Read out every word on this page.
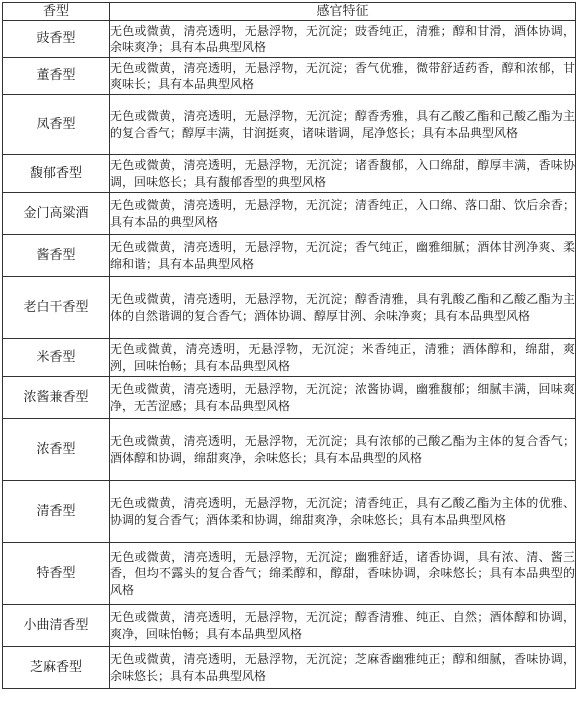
香型	感官特征
豉香型	无色或微黄，清亮透明，无悬浮物，无沉淀；豉香纯正，清雅；醇和甘滑，酒体协调，余味爽净；具有本品典型风格
董香型	无色或微黄，清亮透明，无悬浮物，无沉淀；香气优雅，微带舒适药香，醇和浓郁，甘爽味长；具有本品典型风格
凤香型	无色或微黄，清亮透明，无悬浮物，无沉淀；醇香秀雅，具有乙酸乙酯和己酸乙酯为主的复合香气；醇厚丰满，甘润挺爽，诸味谐调，尾净悠长；具有本品典型风格
馥郁香型	无色或微黄，清亮透明，无悬浮物，无沉淀；诸香馥郁，入口绵甜，醇厚丰满，香味协调，回味悠长；具有馥郁香型的典型风格
金门高粱酒	无色或微黄，清亮透明，无悬浮物，无沉淀；清香纯正，入口绵、落口甜、饮后余香；具有本品的典型风格
酱香型	无色或微黄，清亮透明，无悬浮物，无沉淀；香气纯正，幽雅细腻；酒体甘洌净爽、柔绵和谐；具有本品典型风格
老白干香型	无色或微黄，清亮透明，无悬浮物，无沉淀；醇香清雅，具有乳酸乙酯和乙酸乙酯为主体的自然谐调的复合香气；酒体协调、醇厚甘洌、余味净爽；具有本品典型风格
米香型	无色或微黄，清亮透明，无悬浮物，无沉淀；米香纯正，清雅；酒体醇和，绵甜，爽洌，回味怡畅；具有本品典型风格
浓酱兼香型	无色或微黄，清亮透明，无悬浮物，无沉淀；浓酱协调，幽雅馥郁；细腻丰满，回味爽净，无苦涩感；具有本品典型风格
浓香型	无色或微黄，清亮透明，无悬浮物，无沉淀；具有浓郁的己酸乙酯为主体的复合香气；酒体醇和协调，绵甜爽净，余味悠长；具有本品典型的风格
清香型	无色或微黄，清亮透明，无悬浮物，无沉淀；清香纯正，具有乙酸乙酯为主体的优雅、协调的复合香气；酒体柔和协调，绵甜爽净，余味悠长；具有本品典型风格
特香型	无色或微黄，清亮透明，无悬浮物，无沉淀；幽雅舒适，诸香协调，具有浓、清、酱三香，但均不露头的复合香气；绵柔醇和，醇甜，香味协调，余味悠长；具有本品典型的风格
小曲清香型	无色或微黄，清亮透明，无悬浮物，无沉淀；醇香清雅、纯正、自然；酒体醇和协调，爽净，回味怡畅；具有本品典型风格
芝麻香型	无色或微黄，清亮透明，无悬浮物，无沉淀；芝麻香幽雅纯正；醇和细腻，香味协调，余味悠长；具有本品典型风格
